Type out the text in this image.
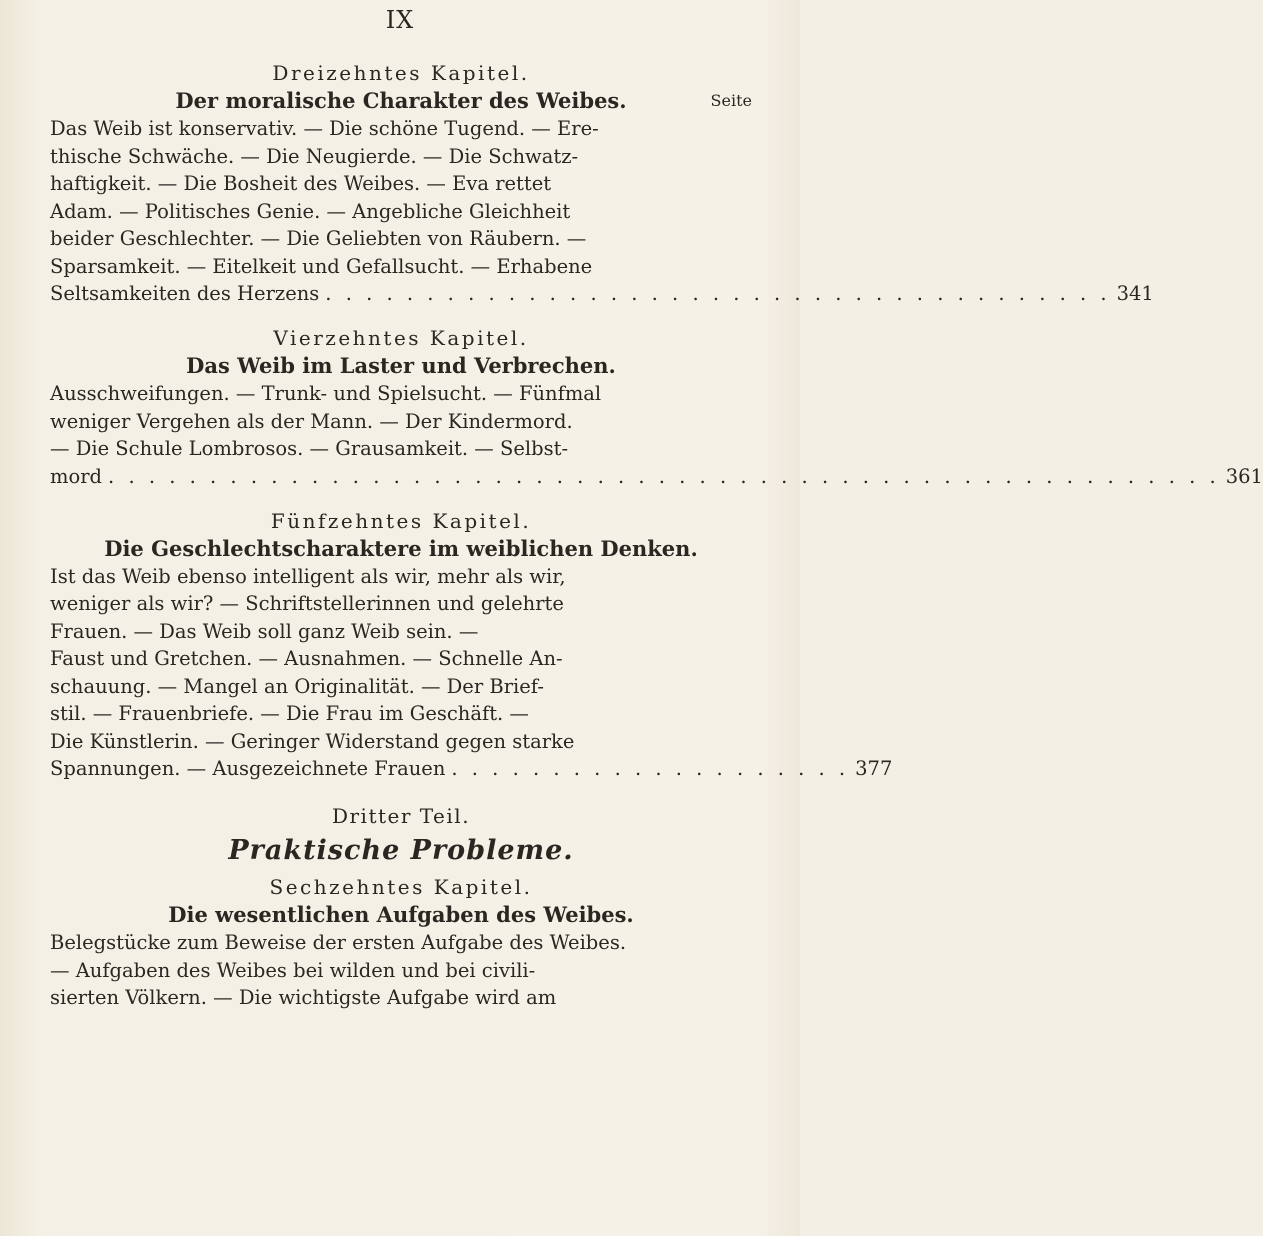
IX

Dreizehntes Kapitel.

Der moralische Charakter des Weibes.	Seite

Das Weib ist konservativ. — Die schöne Tugend. — Ere-
thische Schwäche. — Die Neugierde. — Die Schwatz-
haftigkeit. — Die Bosheit des Weibes. — Eva rettet
Adam. — Politisches Genie. — Angebliche Gleichheit
beider Geschlechter. — Die Geliebten von Räubern. —
Sparsamkeit. — Eitelkeit und Gefallsucht. — Erhabene

Seltsamkeiten des Herzens . . . . . . . . . . . . . . . . . . . . . . . . . . . . . . . . . . . . . . . 341

Vierzehntes Kapitel.

Das Weib im Laster und Verbrechen.

Ausschweifungen. — Trunk- und Spielsucht. — Fünfmal
weniger Vergehen als der Mann. — Der Kindermord.
— Die Schule Lombrosos. — Grausamkeit. — Selbst-

mord . . . . . . . . . . . . . . . . . . . . . . . . . . . . . . . . . . . . . . . . . . . . . . . . . . . . . . . 361

Fünfzehntes Kapitel.

Die Geschlechtscharaktere im weiblichen Denken.

Ist das Weib ebenso intelligent als wir, mehr als wir,
weniger als wir? — Schriftstellerinnen und gelehrte
Frauen. — Das Weib soll ganz Weib sein. —
Faust und Gretchen. — Ausnahmen. — Schnelle An-
schauung. — Mangel an Originalität. — Der Brief-
stil. — Frauenbriefe. — Die Frau im Geschäft. —
Die Künstlerin. — Geringer Widerstand gegen starke

Spannungen. — Ausgezeichnete Frauen . . . . . . . . . . . . . . . . . . . . 377

Dritter Teil.

Praktische Probleme.

Sechzehntes Kapitel.

Die wesentlichen Aufgaben des Weibes.

Belegstücke zum Beweise der ersten Aufgabe des Weibes.
— Aufgaben des Weibes bei wilden und bei civili-
sierten Völkern. — Die wichtigste Aufgabe wird am
